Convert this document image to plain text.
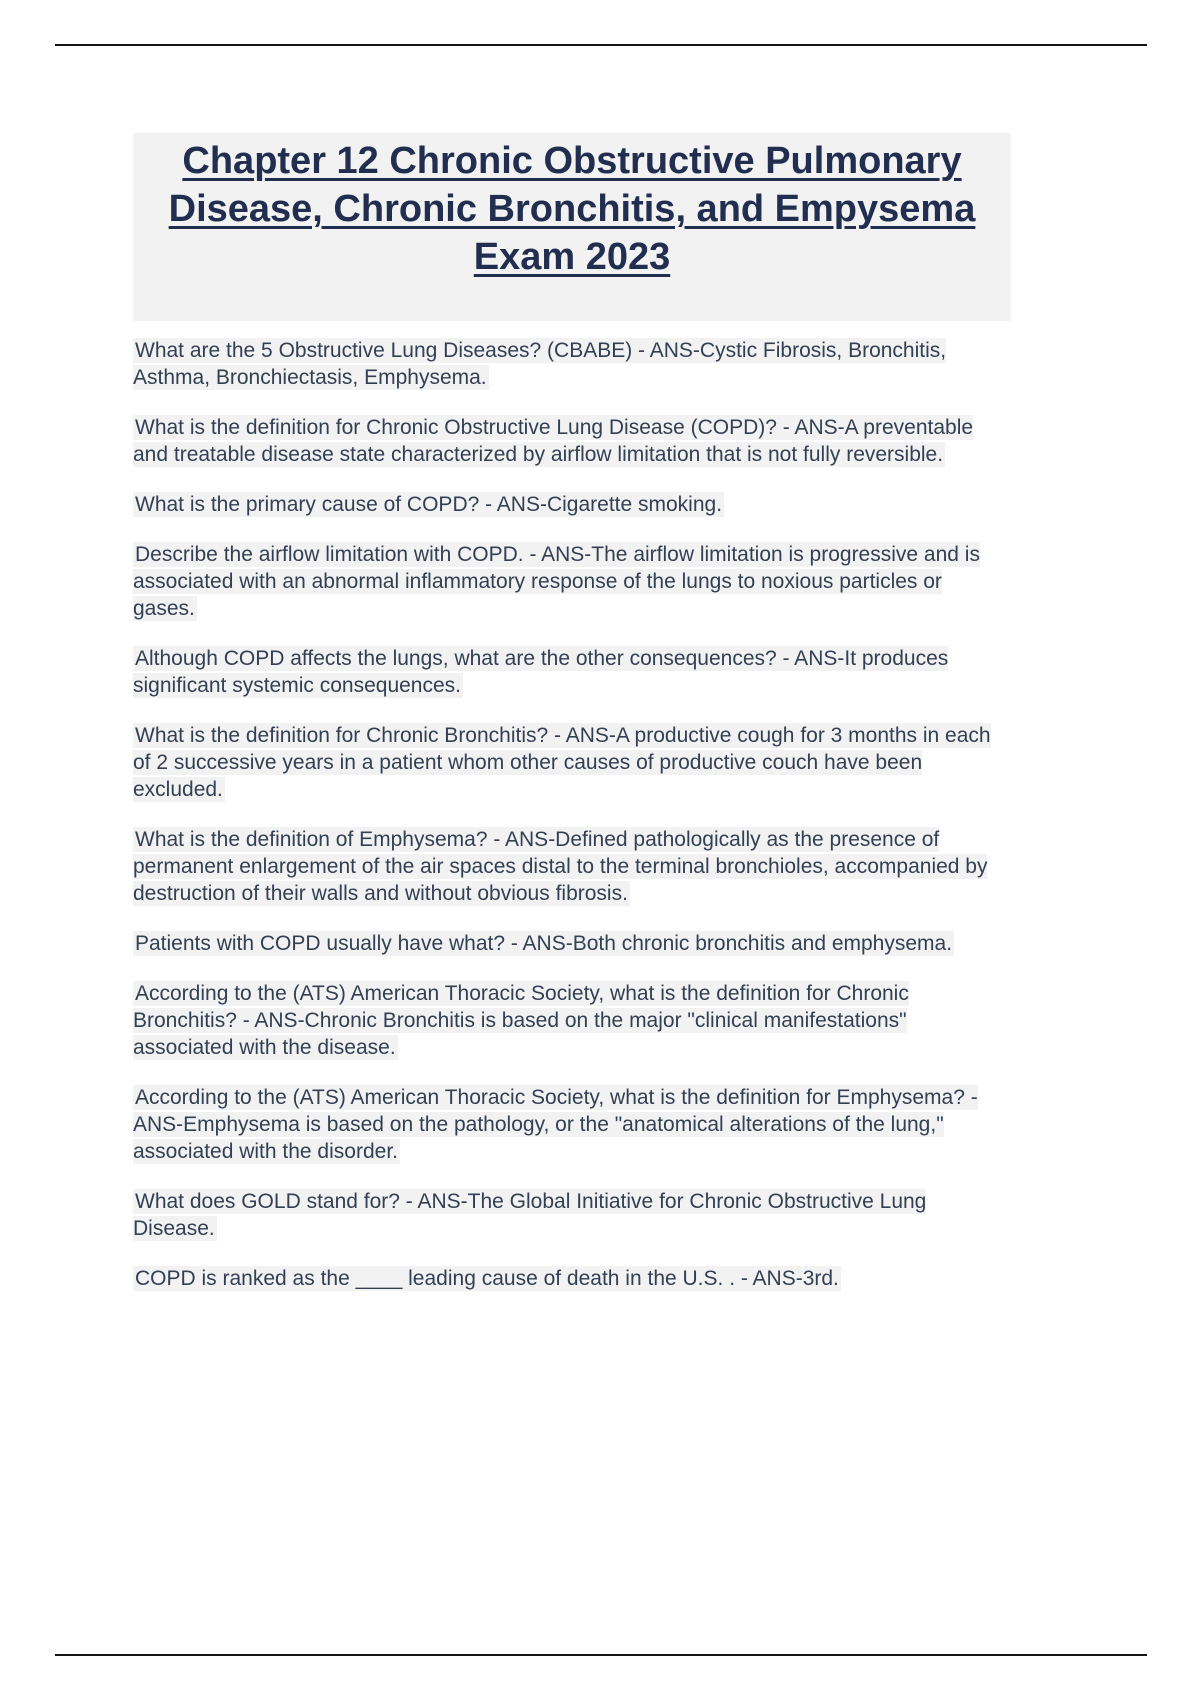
Chapter 12 Chronic Obstructive Pulmonary
Disease, Chronic Bronchitis, and Empysema
Exam 2023

What are the 5 Obstructive Lung Diseases? (CBABE) - ANS-Cystic Fibrosis, Bronchitis, Asthma, Bronchiectasis, Emphysema.

What is the definition for Chronic Obstructive Lung Disease (COPD)? - ANS-A preventable and treatable disease state characterized by airflow limitation that is not fully reversible.

What is the primary cause of COPD? - ANS-Cigarette smoking.

Describe the airflow limitation with COPD. - ANS-The airflow limitation is progressive and is associated with an abnormal inflammatory response of the lungs to noxious particles or gases.

Although COPD affects the lungs, what are the other consequences? - ANS-It produces significant systemic consequences.

What is the definition for Chronic Bronchitis? - ANS-A productive cough for 3 months in each of 2 successive years in a patient whom other causes of productive couch have been excluded.

What is the definition of Emphysema? - ANS-Defined pathologically as the presence of permanent enlargement of the air spaces distal to the terminal bronchioles, accompanied by destruction of their walls and without obvious fibrosis.

Patients with COPD usually have what? - ANS-Both chronic bronchitis and emphysema.

According to the (ATS) American Thoracic Society, what is the definition for Chronic Bronchitis? - ANS-Chronic Bronchitis is based on the major "clinical manifestations" associated with the disease.

According to the (ATS) American Thoracic Society, what is the definition for Emphysema? - ANS-Emphysema is based on the pathology, or the "anatomical alterations of the lung," associated with the disorder.

What does GOLD stand for? - ANS-The Global Initiative for Chronic Obstructive Lung Disease.

COPD is ranked as the ____ leading cause of death in the U.S. . - ANS-3rd.
